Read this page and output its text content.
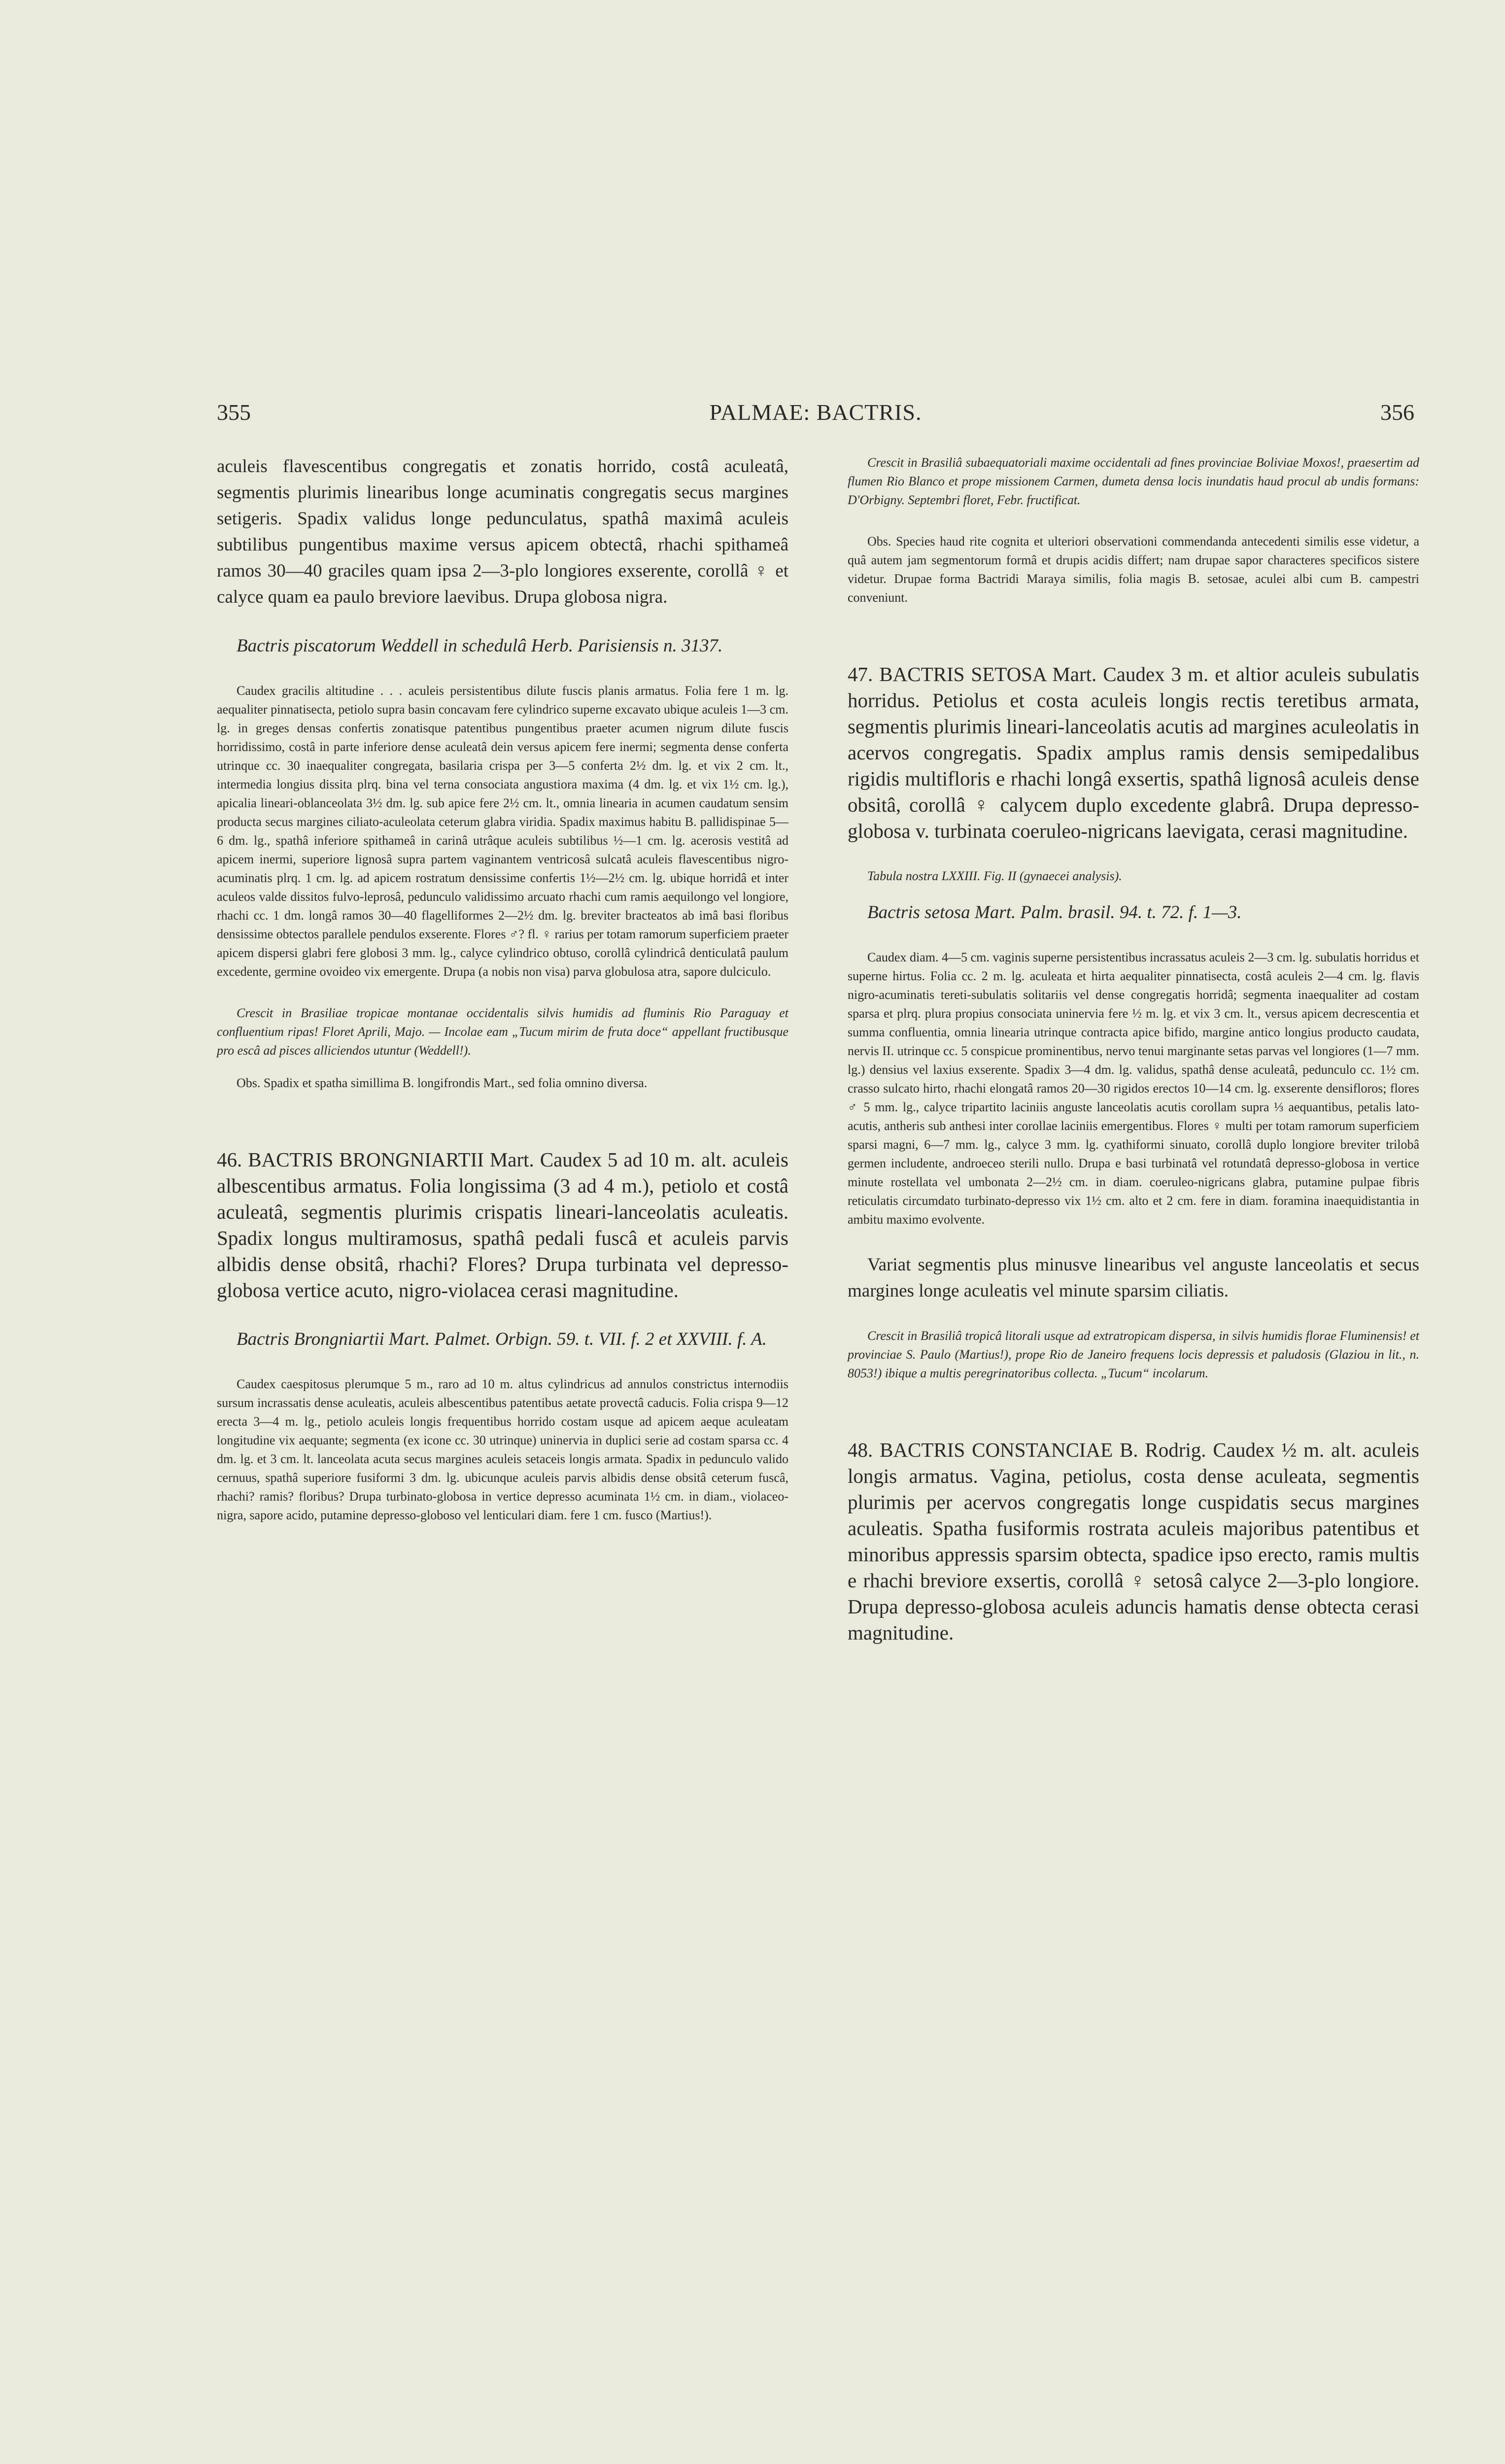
355	PALMAE: BACTRIS.	356

aculeis flavescentibus congregatis et zonatis horrido, costâ aculeatâ, segmentis plurimis linearibus longe acuminatis congregatis secus margines setigeris. Spadix validus longe pedunculatus, spathâ maximâ aculeis subtilibus pungentibus maxime versus apicem obtectâ, rhachi spithameâ ramos 30—40 graciles quam ipsa 2—3-plo longiores exserente, corollâ ♀ et calyce quam ea paulo breviore laevibus. Drupa globosa nigra.

Bactris piscatorum Weddell in schedulâ Herb. Parisiensis n. 3137.

Caudex gracilis altitudine . . . aculeis persistentibus dilute fuscis planis armatus. Folia fere 1 m. lg. aequaliter pinnatisecta, petiolo supra basin concavam fere cylindrico superne excavato ubique aculeis 1—3 cm. lg. in greges densas confertis zonatisque patentibus pungentibus praeter acumen nigrum dilute fuscis horridissimo, costâ in parte inferiore dense aculeatâ dein versus apicem fere inermi; segmenta dense conferta utrinque cc. 30 inaequaliter congregata, basilaria crispa per 3—5 conferta 2½ dm. lg. et vix 2 cm. lt., intermedia longius dissita plrq. bina vel terna consociata angustiora maxima (4 dm. lg. et vix 1½ cm. lg.), apicalia lineari-oblanceolata 3½ dm. lg. sub apice fere 2½ cm. lt., omnia linearia in acumen caudatum sensim producta secus margines ciliato-aculeolata ceterum glabra viridia. Spadix maximus habitu B. pallidispinae 5—6 dm. lg., spathâ inferiore spithameâ in carinâ utrâque aculeis subtilibus ½—1 cm. lg. acerosis vestitâ ad apicem inermi, superiore lignosâ supra partem vaginantem ventricosâ sulcatâ aculeis flavescentibus nigro-acuminatis plrq. 1 cm. lg. ad apicem rostratum densissime confertis 1½—2½ cm. lg. ubique horridâ et inter aculeos valde dissitos fulvo-leprosâ, pedunculo validissimo arcuato rhachi cum ramis aequilongo vel longiore, rhachi cc. 1 dm. longâ ramos 30—40 flagelliformes 2—2½ dm. lg. breviter bracteatos ab imâ basi floribus densissime obtectos parallele pendulos exserente. Flores ♂? fl. ♀ rarius per totam ramorum superficiem praeter apicem dispersi glabri fere globosi 3 mm. lg., calyce cylindrico obtuso, corollâ cylindricâ denticulatâ paulum excedente, germine ovoideo vix emergente. Drupa (a nobis non visa) parva globulosa atra, sapore dulciculo.

Crescit in Brasiliae tropicae montanae occidentalis silvis humidis ad fluminis Rio Paraguay et confluentium ripas! Floret Aprili, Majo. — Incolae eam „Tucum mirim de fruta doce“ appellant fructibusque pro escâ ad pisces alliciendos utuntur (Weddell!).

Obs. Spadix et spatha simillima B. longifrondis Mart., sed folia omnino diversa.

46. BACTRIS BRONGNIARTII Mart. Caudex 5 ad 10 m. alt. aculeis albescentibus armatus. Folia longissima (3 ad 4 m.), petiolo et costâ aculeatâ, segmentis plurimis crispatis lineari-lanceolatis aculeatis. Spadix longus multiramosus, spathâ pedali fuscâ et aculeis parvis albidis dense obsitâ, rhachi? Flores? Drupa turbinata vel depresso-globosa vertice acuto, nigro-violacea cerasi magnitudine.

Bactris Brongniartii Mart. Palmet. Orbign. 59. t. VII. f. 2 et XXVIII. f. A.

Caudex caespitosus plerumque 5 m., raro ad 10 m. altus cylindricus ad annulos constrictus internodiis sursum incrassatis dense aculeatis, aculeis albescentibus patentibus aetate provectâ caducis. Folia crispa 9—12 erecta 3—4 m. lg., petiolo aculeis longis frequentibus horrido costam usque ad apicem aeque aculeatam longitudine vix aequante; segmenta (ex icone cc. 30 utrinque) uninervia in duplici serie ad costam sparsa cc. 4 dm. lg. et 3 cm. lt. lanceolata acuta secus margines aculeis setaceis longis armata. Spadix in pedunculo valido cernuus, spathâ superiore fusiformi 3 dm. lg. ubicunque aculeis parvis albidis dense obsitâ ceterum fuscâ, rhachi? ramis? floribus? Drupa turbinato-globosa in vertice depresso acuminata 1½ cm. in diam., violaceo-nigra, sapore acido, putamine depresso-globoso vel lenticulari diam. fere 1 cm. fusco (Martius!).

Crescit in Brasiliâ subaequatoriali maxime occidentali ad fines provinciae Boliviae Moxos!, praesertim ad flumen Rio Blanco et prope missionem Carmen, dumeta densa locis inundatis haud procul ab undis formans: D'Orbigny. Septembri floret, Febr. fructificat.

Obs. Species haud rite cognita et ulteriori observationi commendanda antecedenti similis esse videtur, a quâ autem jam segmentorum formâ et drupis acidis differt; nam drupae sapor characteres specificos sistere videtur. Drupae forma Bactridi Maraya similis, folia magis B. setosae, aculei albi cum B. campestri conveniunt.

47. BACTRIS SETOSA Mart. Caudex 3 m. et altior aculeis subulatis horridus. Petiolus et costa aculeis longis rectis teretibus armata, segmentis plurimis lineari-lanceolatis acutis ad margines aculeolatis in acervos congregatis. Spadix amplus ramis densis semipedalibus rigidis multifloris e rhachi longâ exsertis, spathâ lignosâ aculeis dense obsitâ, corollâ ♀ calycem duplo excedente glabrâ. Drupa depresso-globosa v. turbinata coeruleo-nigricans laevigata, cerasi magnitudine.

Tabula nostra LXXIII. Fig. II (gynaecei analysis).

Bactris setosa Mart. Palm. brasil. 94. t. 72. f. 1—3.

Caudex diam. 4—5 cm. vaginis superne persistentibus incrassatus aculeis 2—3 cm. lg. subulatis horridus et superne hirtus. Folia cc. 2 m. lg. aculeata et hirta aequaliter pinnatisecta, costâ aculeis 2—4 cm. lg. flavis nigro-acuminatis tereti-subulatis solitariis vel dense congregatis horridâ; segmenta inaequaliter ad costam sparsa et plrq. plura propius consociata uninervia fere ½ m. lg. et vix 3 cm. lt., versus apicem decrescentia et summa confluentia, omnia linearia utrinque contracta apice bifido, margine antico longius producto caudata, nervis II. utrinque cc. 5 conspicue prominentibus, nervo tenui marginante setas parvas vel longiores (1—7 mm. lg.) densius vel laxius exserente. Spadix 3—4 dm. lg. validus, spathâ dense aculeatâ, pedunculo cc. 1½ cm. crasso sulcato hirto, rhachi elongatâ ramos 20—30 rigidos erectos 10—14 cm. lg. exserente densifloros; flores ♂ 5 mm. lg., calyce tripartito laciniis anguste lanceolatis acutis corollam supra ⅓ aequantibus, petalis lato-acutis, antheris sub anthesi inter corollae laciniis emergentibus. Flores ♀ multi per totam ramorum superficiem sparsi magni, 6—7 mm. lg., calyce 3 mm. lg. cyathiformi sinuato, corollâ duplo longiore breviter trilobâ germen includente, androeceo sterili nullo. Drupa e basi turbinatâ vel rotundatâ depresso-globosa in vertice minute rostellata vel umbonata 2—2½ cm. in diam. coeruleo-nigricans glabra, putamine pulpae fibris reticulatis circumdato turbinato-depresso vix 1½ cm. alto et 2 cm. fere in diam. foramina inaequidistantia in ambitu maximo evolvente.

Variat segmentis plus minusve linearibus vel anguste lanceolatis et secus margines longe aculeatis vel minute sparsim ciliatis.

Crescit in Brasiliâ tropicâ litorali usque ad extratropicam dispersa, in silvis humidis florae Fluminensis! et provinciae S. Paulo (Martius!), prope Rio de Janeiro frequens locis depressis et paludosis (Glaziou in lit., n. 8053!) ibique a multis peregrinatoribus collecta. „Tucum“ incolarum.

48. BACTRIS CONSTANCIAE B. Rodrig. Caudex ½ m. alt. aculeis longis armatus. Vagina, petiolus, costa dense aculeata, segmentis plurimis per acervos congregatis longe cuspidatis secus margines aculeatis. Spatha fusiformis rostrata aculeis majoribus patentibus et minoribus appressis sparsim obtecta, spadice ipso erecto, ramis multis e rhachi breviore exsertis, corollâ ♀ setosâ calyce 2—3-plo longiore. Drupa depresso-globosa aculeis aduncis hamatis dense obtecta cerasi magnitudine.
